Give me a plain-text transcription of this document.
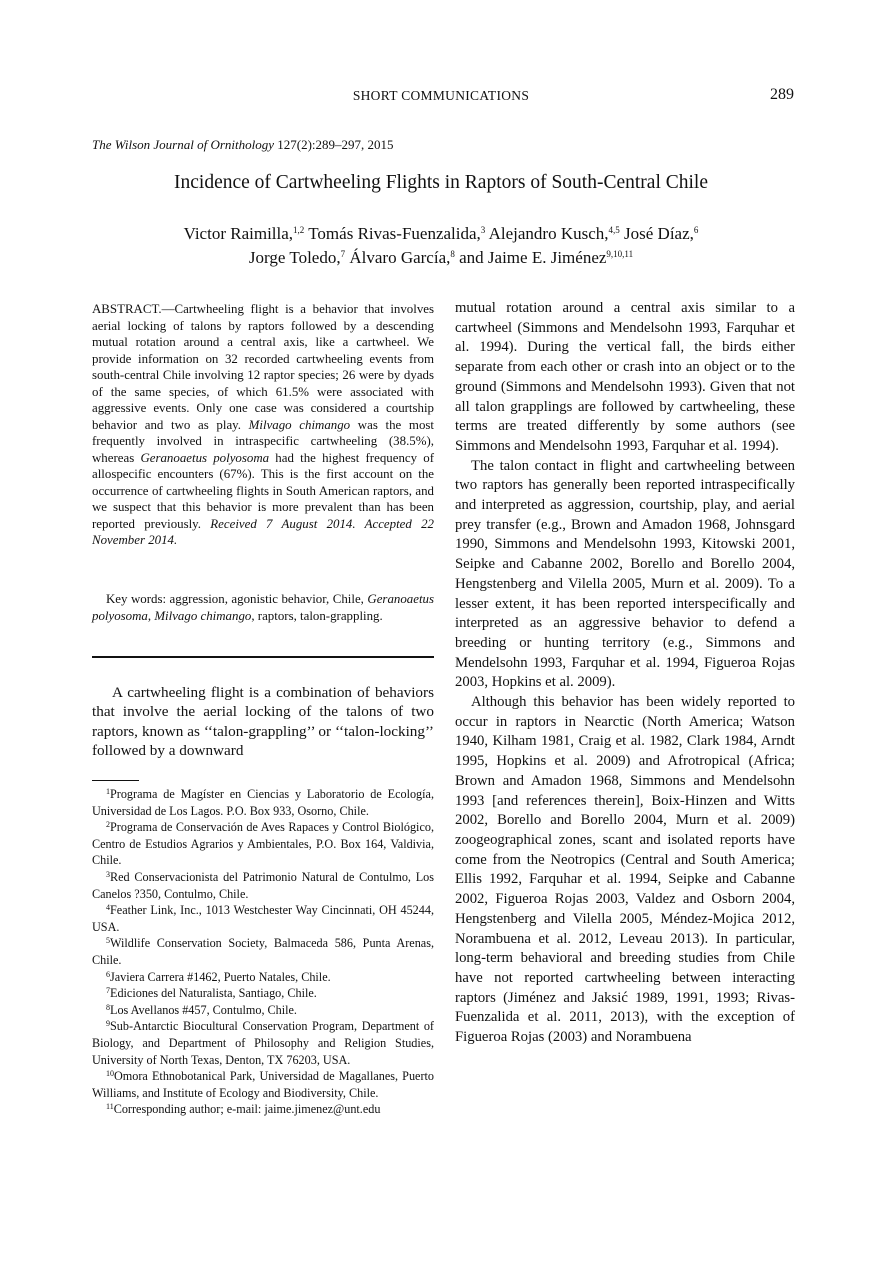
SHORT COMMUNICATIONS	289
The Wilson Journal of Ornithology 127(2):289–297, 2015
Incidence of Cartwheeling Flights in Raptors of South-Central Chile
Victor Raimilla,$^{1,2}$ Tomás Rivas-Fuenzalida,$^3$ Alejandro Kusch,$^{4,5}$ José Díaz,$^6$
Jorge Toledo,$^7$ Álvaro García,$^8$ and Jaime E. Jiménez$^{9,10,11}$

ABSTRACT.—Cartwheeling flight is a behavior that involves aerial locking of talons by raptors followed by a descending mutual rotation around a central axis, like a cartwheel. We provide information on 32 recorded cartwheeling events from south-central Chile involving 12 raptor species; 26 were by dyads of the same species, of which 61.5% were associated with aggressive events. Only one case was considered a courtship behavior and two as play. Milvago chimango was the most frequently involved in intraspecific cartwheeling (38.5%), whereas Geranoaetus polyosoma had the highest frequency of allospecific encounters (67%). This is the first account on the occurrence of cartwheeling flights in South American raptors, and we suspect that this behavior is more prevalent than has been reported previously. Received 7 August 2014. Accepted 22 November 2014.

Key words: aggression, agonistic behavior, Chile, Geranoaetus polyosoma, Milvago chimango, raptors, talon-grappling.

A cartwheeling flight is a combination of behaviors that involve the aerial locking of the talons of two raptors, known as ‘‘talon-grappling’’ or ‘‘talon-locking’’ followed by a downward

$^1$Programa de Magíster en Ciencias y Laboratorio de Ecología, Universidad de Los Lagos. P.O. Box 933, Osorno, Chile.

$^2$Programa de Conservación de Aves Rapaces y Control Biológico, Centro de Estudios Agrarios y Ambientales, P.O. Box 164, Valdivia, Chile.

$^3$Red Conservacionista del Patrimonio Natural de Contulmo, Los Canelos ?350, Contulmo, Chile.

$^4$Feather Link, Inc., 1013 Westchester Way Cincinnati, OH 45244, USA.

$^5$Wildlife Conservation Society, Balmaceda 586, Punta Arenas, Chile.

$^6$Javiera Carrera #1462, Puerto Natales, Chile.

$^7$Ediciones del Naturalista, Santiago, Chile.

$^8$Los Avellanos #457, Contulmo, Chile.

$^9$Sub-Antarctic Biocultural Conservation Program, Department of Biology, and Department of Philosophy and Religion Studies, University of North Texas, Denton, TX 76203, USA.

$^{10}$Omora Ethnobotanical Park, Universidad de Magallanes, Puerto Williams, and Institute of Ecology and Biodiversity, Chile.

$^{11}$Corresponding author; e-mail: jaime.jimenez@unt.edu

mutual rotation around a central axis similar to a cartwheel (Simmons and Mendelsohn 1993, Farquhar et al. 1994). During the vertical fall, the birds either separate from each other or crash into an object or to the ground (Simmons and Mendelsohn 1993). Given that not all talon grapplings are followed by cartwheeling, these terms are treated differently by some authors (see Simmons and Mendelsohn 1993, Farquhar et al. 1994).

The talon contact in flight and cartwheeling between two raptors has generally been reported intraspecifically and interpreted as aggression, courtship, play, and aerial prey transfer (e.g., Brown and Amadon 1968, Johnsgard 1990, Simmons and Mendelsohn 1993, Kitowski 2001, Seipke and Cabanne 2002, Borello and Borello 2004, Hengstenberg and Vilella 2005, Murn et al. 2009). To a lesser extent, it has been reported interspecifically and interpreted as an aggressive behavior to defend a breeding or hunting territory (e.g., Simmons and Mendelsohn 1993, Farquhar et al. 1994, Figueroa Rojas 2003, Hopkins et al. 2009).

Although this behavior has been widely reported to occur in raptors in Nearctic (North America; Watson 1940, Kilham 1981, Craig et al. 1982, Clark 1984, Arndt 1995, Hopkins et al. 2009) and Afrotropical (Africa; Brown and Amadon 1968, Simmons and Mendelsohn 1993 [and references therein], Boix-Hinzen and Witts 2002, Borello and Borello 2004, Murn et al. 2009) zoogeographical zones, scant and isolated reports have come from the Neotropics (Central and South America; Ellis 1992, Farquhar et al. 1994, Seipke and Cabanne 2002, Figueroa Rojas 2003, Valdez and Osborn 2004, Hengstenberg and Vilella 2005, Méndez-Mojica 2012, Norambuena et al. 2012, Leveau 2013). In particular, long-term behavioral and breeding studies from Chile have not reported cartwheeling between interacting raptors (Jiménez and Jaksić 1989, 1991, 1993; Rivas-Fuenzalida et al. 2011, 2013), with the exception of Figueroa Rojas (2003) and Norambuena
